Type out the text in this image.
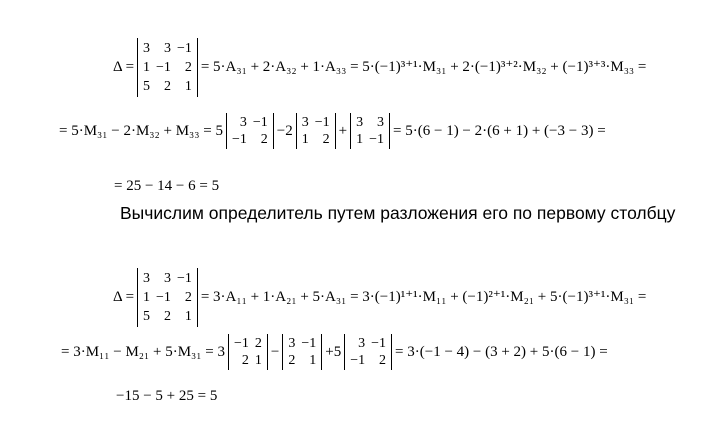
Δ =
3
1
5
3
−1
2
−1
2
1
= 5·A₃₁ + 2·A₃₂ + 1·A₃₃ = 5·(−1)³⁺¹·M₃₁ + 2·(−1)³⁺²·M₃₂ + (−1)³⁺³·M₃₃ =
= 5·M₃₁ − 2·M₃₂ + M₃₃ = 5	3
−1
−1
2
−2 3
1
−1
2
+ 3
1
3
−1
= 5·(6 − 1) − 2·(6 + 1) + (−3 − 3) =
= 25 − 14 − 6 = 5
Вычислим определитель путем разложения его по первому столбцу
Δ =
3
1
5
3
−1
2
−1
2
1
= 3·A₁₁ + 1·A₂₁ + 5·A₃₁ = 3·(−1)¹⁺¹·M₁₁ + (−1)²⁺¹·M₂₁ + 5·(−1)³⁺¹·M₃₁ =
= 3·M₁₁ − M₂₁ + 5·M₃₁ = 3 −1
2
2
1
− 3
2
−1
1
+5	3
−1
−1
2
= 3·(−1 − 4) − (3 + 2) + 5·(6 − 1) =
−15 − 5 + 25 = 5
